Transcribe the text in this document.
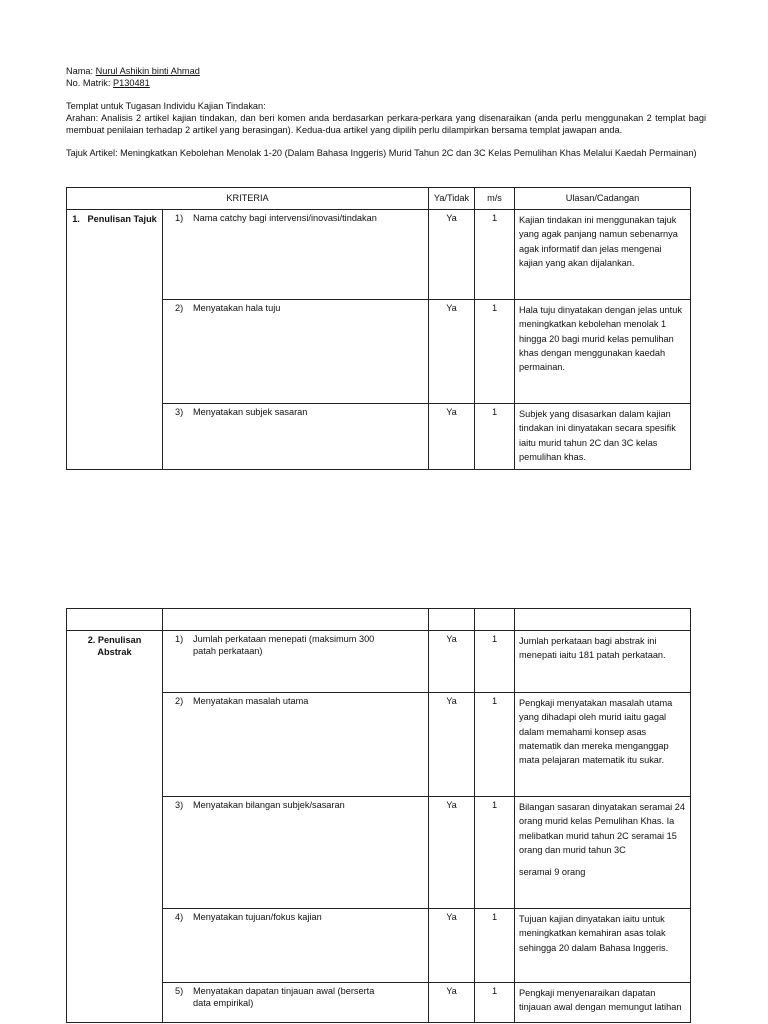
Nama: Nurul Ashikin binti Ahmad

No. Matrik: P130481

Templat untuk Tugasan Individu Kajian Tindakan:

Arahan: Analisis 2 artikel kajian tindakan, dan beri komen anda berdasarkan perkara-perkara yang disenaraikan (anda perlu menggunakan 2 templat bagi membuat penilaian terhadap 2 artikel yang berasingan). Kedua-dua artikel yang dipilih perlu dilampirkan bersama templat jawapan anda.

Tajuk Artikel: Meningkatkan Kebolehan Menolak 1-20 (Dalam Bahasa Inggeris) Murid Tahun 2C dan 3C Kelas Pemulihan Khas Melalui Kaedah Permainan)

KRITERIA		Ya/Tidak	m/s	Ulasan/Cadangan
1. Penulisan Tajuk	1) Nama catchy bagi intervensi/inovasi/tindakan	Ya	1	Kajian tindakan ini menggunakan tajuk yang agak panjang namun sebenarnya agak informatif dan jelas mengenai kajian yang akan dijalankan.
	2) Menyatakan hala tuju	Ya	1	Hala tuju dinyatakan dengan jelas untuk meningkatkan kebolehan menolak 1 hingga 20 bagi murid kelas pemulihan khas dengan menggunakan kaedah permainan.
	3) Menyatakan subjek sasaran	Ya	1	Subjek yang disasarkan dalam kajian tindakan ini dinyatakan secara spesifik iaitu murid tahun 2C dan 3C kelas pemulihan khas.

2. Penulisan Abstrak	1) Jumlah perkataan menepati (maksimum 300 patah perkataan)	Ya	1	Jumlah perkataan bagi abstrak ini menepati iaitu 181 patah perkataan.
	2) Menyatakan masalah utama	Ya	1	Pengkaji menyatakan masalah utama yang dihadapi oleh murid iaitu gagal dalam memahami konsep asas matematik dan mereka menganggap mata pelajaran matematik itu sukar.
	3) Menyatakan bilangan subjek/sasaran	Ya	1	Bilangan sasaran dinyatakan seramai 24 orang murid kelas Pemulihan Khas. Ia melibatkan murid tahun 2C seramai 15 orang dan murid tahun 3C
seramai 9 orang

	4) Menyatakan tujuan/fokus kajian	Ya	1	Tujuan kajian dinyatakan iaitu untuk meningkatkan kemahiran asas tolak sehingga 20 dalam Bahasa Inggeris.
	5) Menyatakan dapatan tinjauan awal (berserta data empirikal)	Ya	1	Pengkaji menyenaraikan dapatan tinjauan awal dengan memungut latihan
